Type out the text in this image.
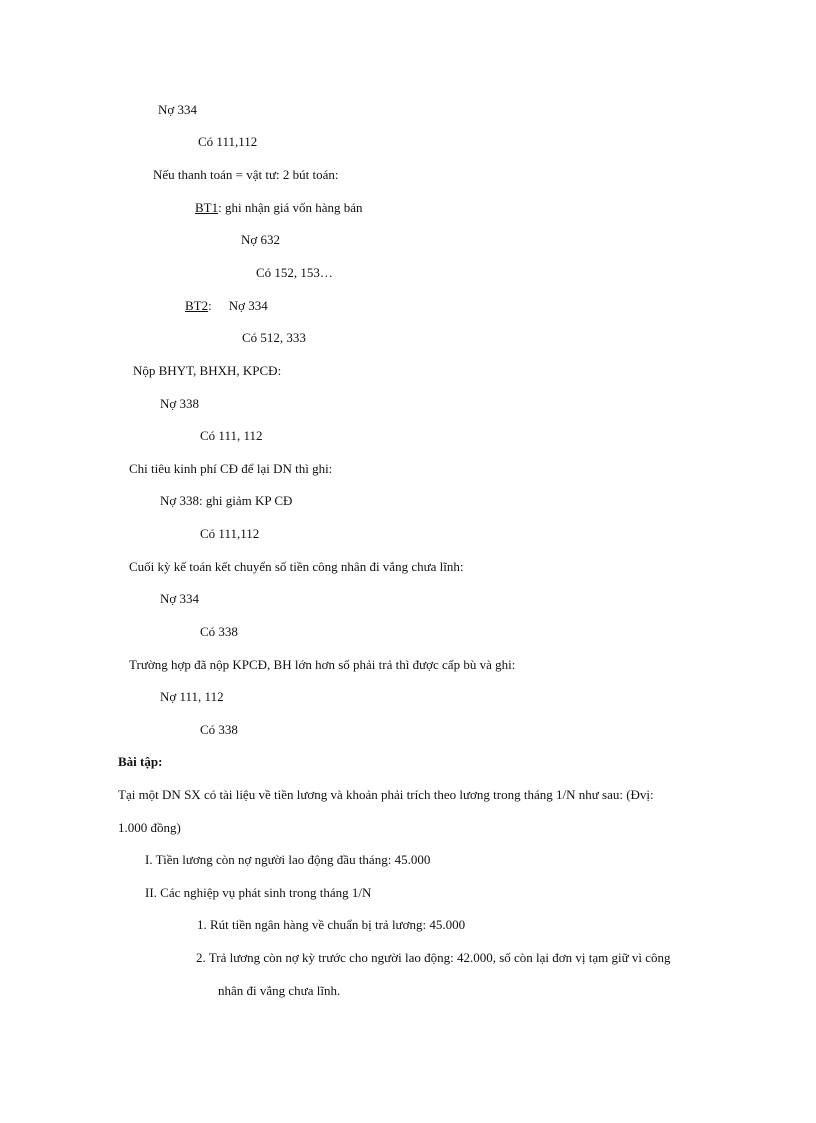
Nợ 334
Có 111,112
Nếu thanh toán = vật tư: 2 bút toán:
BT1: ghi nhận giá vốn hàng bán
Nợ 632
Có 152, 153…
BT2: Nợ 334
Có 512, 333
Nộp BHYT, BHXH, KPCĐ:
Nợ 338
Có 111, 112
Chi tiêu kinh phí CĐ để lại DN thì ghi:
Nợ 338: ghi giảm KP CĐ
Có 111,112
Cuối kỳ kế toán kết chuyển số tiền công nhân đi vắng chưa lĩnh:
Nợ 334
Có 338
Trường hợp đã nộp KPCĐ, BH lớn hơn số phải trả thì được cấp bù và ghi:
Nợ 111, 112
Có 338
Bài tập:
Tại một DN SX có tài liệu về tiền lương và khoản phải trích theo lương trong tháng 1/N như sau: (Đvị:
1.000 đồng)
I. Tiền lương còn nợ người lao động đầu tháng: 45.000
II. Các nghiệp vụ phát sinh trong tháng 1/N
1. Rút tiền ngân hàng về chuẩn bị trả lương: 45.000
2. Trả lương còn nợ kỳ trước cho người lao động: 42.000, số còn lại đơn vị tạm giữ vì công
nhân đi vắng chưa lĩnh.
